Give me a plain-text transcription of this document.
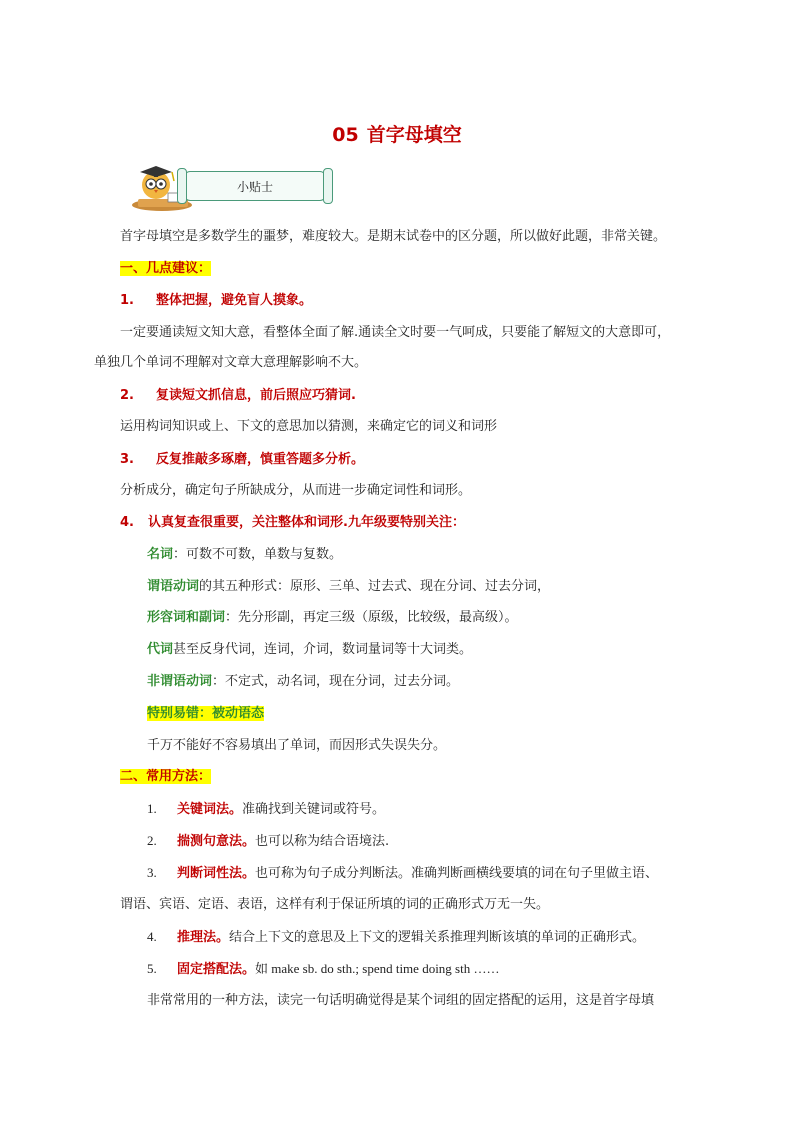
05 首字母填空
小贴士
首字母填空是多数学生的噩梦，难度较大。是期末试卷中的区分题，所以做好此题，非常关键。
一、几点建议：
1. 整体把握，避免盲人摸象。
一定要通读短文知大意，看整体全面了解.通读全文时要一气呵成，只要能了解短文的大意即可，
单独几个单词不理解对文章大意理解影响不大。
2. 复读短文抓信息，前后照应巧猜词.
运用构词知识或上、下文的意思加以猜测，来确定它的词义和词形
3. 反复推敲多琢磨，慎重答题多分析。
分析成分，确定句子所缺成分，从而进一步确定词性和词形。
4. 认真复查很重要，关注整体和词形.九年级要特别关注：
名词：可数不可数，单数与复数。
谓语动词的其五种形式：原形、三单、过去式、现在分词、过去分词，
形容词和副词：先分形副，再定三级（原级，比较级，最高级）。
代词甚至反身代词，连词，介词，数词量词等十大词类。
非谓语动词：不定式，动名词，现在分词，过去分词。
特别易错：被动语态
千万不能好不容易填出了单词，而因形式失误失分。
二、常用方法：
1. 关键词法。准确找到关键词或符号。
2. 揣测句意法。也可以称为结合语境法.
3. 判断词性法。也可称为句子成分判断法。准确判断画横线要填的词在句子里做主语、
谓语、宾语、定语、表语，这样有利于保证所填的词的正确形式万无一失。
4. 推理法。结合上下文的意思及上下文的逻辑关系推理判断该填的单词的正确形式。
5. 固定搭配法。如 make sb. do sth.; spend time doing sth ……
非常常用的一种方法，读完一句话明确觉得是某个词组的固定搭配的运用，这是首字母填
